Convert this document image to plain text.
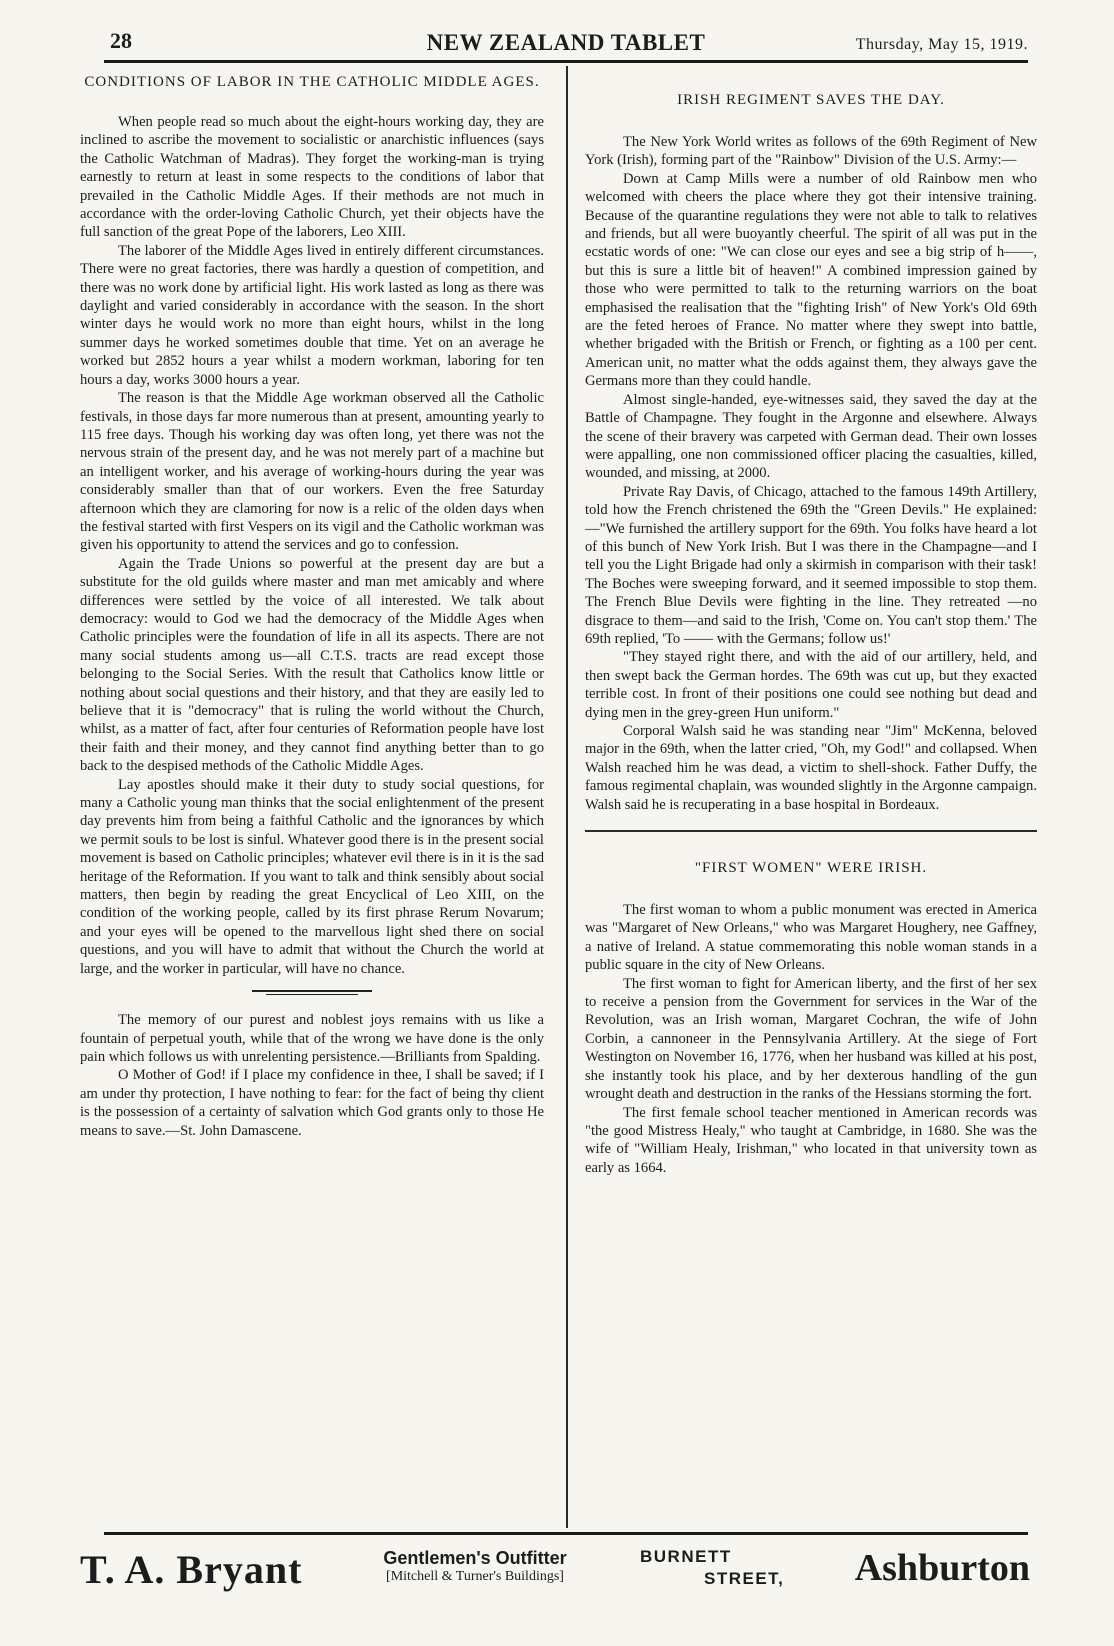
28	NEW ZEALAND TABLET	Thursday, May 15, 1919.
CONDITIONS OF LABOR IN THE CATHOLIC MIDDLE AGES.

When people read so much about the eight-hours working day, they are inclined to ascribe the movement to socialistic or anarchistic influences (says the Catholic Watchman of Madras). They forget the working-man is trying earnestly to return at least in some respects to the conditions of labor that prevailed in the Catholic Middle Ages. If their methods are not much in accordance with the order-loving Catholic Church, yet their objects have the full sanction of the great Pope of the laborers, Leo XIII.

The laborer of the Middle Ages lived in entirely different circumstances. There were no great factories, there was hardly a question of competition, and there was no work done by artificial light. His work lasted as long as there was daylight and varied considerably in accordance with the season. In the short winter days he would work no more than eight hours, whilst in the long summer days he worked sometimes double that time. Yet on an average he worked but 2852 hours a year whilst a modern workman, laboring for ten hours a day, works 3000 hours a year.

The reason is that the Middle Age workman observed all the Catholic festivals, in those days far more numerous than at present, amounting yearly to 115 free days. Though his working day was often long, yet there was not the nervous strain of the present day, and he was not merely part of a machine but an intelligent worker, and his average of working-hours during the year was considerably smaller than that of our workers. Even the free Saturday afternoon which they are clamoring for now is a relic of the olden days when the festival started with first Vespers on its vigil and the Catholic workman was given his opportunity to attend the services and go to confession.

Again the Trade Unions so powerful at the present day are but a substitute for the old guilds where master and man met amicably and where differences were settled by the voice of all interested. We talk about democracy: would to God we had the democracy of the Middle Ages when Catholic principles were the foundation of life in all its aspects. There are not many social students among us—all C.T.S. tracts are read except those belonging to the Social Series. With the result that Catholics know little or nothing about social questions and their history, and that they are easily led to believe that it is "democracy" that is ruling the world without the Church, whilst, as a matter of fact, after four centuries of Reformation people have lost their faith and their money, and they cannot find anything better than to go back to the despised methods of the Catholic Middle Ages.

Lay apostles should make it their duty to study social questions, for many a Catholic young man thinks that the social enlightenment of the present day prevents him from being a faithful Catholic and the ignorances by which we permit souls to be lost is sinful. Whatever good there is in the present social movement is based on Catholic principles; whatever evil there is in it is the sad heritage of the Reformation. If you want to talk and think sensibly about social matters, then begin by reading the great Encyclical of Leo XIII, on the condition of the working people, called by its first phrase Rerum Novarum; and your eyes will be opened to the marvellous light shed there on social questions, and you will have to admit that without the Church the world at large, and the worker in particular, will have no chance.

The memory of our purest and noblest joys remains with us like a fountain of perpetual youth, while that of the wrong we have done is the only pain which follows us with unrelenting persistence.—Brilliants from Spalding.

O Mother of God! if I place my confidence in thee, I shall be saved; if I am under thy protection, I have nothing to fear: for the fact of being thy client is the possession of a certainty of salvation which God grants only to those He means to save.—St. John Damascene.

IRISH REGIMENT SAVES THE DAY.

The New York World writes as follows of the 69th Regiment of New York (Irish), forming part of the "Rainbow" Division of the U.S. Army:—

Down at Camp Mills were a number of old Rainbow men who welcomed with cheers the place where they got their intensive training. Because of the quarantine regulations they were not able to talk to relatives and friends, but all were buoyantly cheerful. The spirit of all was put in the ecstatic words of one: "We can close our eyes and see a big strip of h——, but this is sure a little bit of heaven!" A combined impression gained by those who were permitted to talk to the returning warriors on the boat emphasised the realisation that the "fighting Irish" of New York's Old 69th are the feted heroes of France. No matter where they swept into battle, whether brigaded with the British or French, or fighting as a 100 per cent. American unit, no matter what the odds against them, they always gave the Germans more than they could handle.

Almost single-handed, eye-witnesses said, they saved the day at the Battle of Champagne. They fought in the Argonne and elsewhere. Always the scene of their bravery was carpeted with German dead. Their own losses were appalling, one non commissioned officer placing the casualties, killed, wounded, and missing, at 2000.

Private Ray Davis, of Chicago, attached to the famous 149th Artillery, told how the French christened the 69th the "Green Devils." He explained:—"We furnished the artillery support for the 69th. You folks have heard a lot of this bunch of New York Irish. But I was there in the Champagne—and I tell you the Light Brigade had only a skirmish in comparison with their task! The Boches were sweeping forward, and it seemed impossible to stop them. The French Blue Devils were fighting in the line. They retreated —no disgrace to them—and said to the Irish, 'Come on. You can't stop them.' The 69th replied, 'To —— with the Germans; follow us!'

"They stayed right there, and with the aid of our artillery, held, and then swept back the German hordes. The 69th was cut up, but they exacted terrible cost. In front of their positions one could see nothing but dead and dying men in the grey-green Hun uniform."

Corporal Walsh said he was standing near "Jim" McKenna, beloved major in the 69th, when the latter cried, "Oh, my God!" and collapsed. When Walsh reached him he was dead, a victim to shell-shock. Father Duffy, the famous regimental chaplain, was wounded slightly in the Argonne campaign. Walsh said he is recuperating in a base hospital in Bordeaux.

"FIRST WOMEN" WERE IRISH.

The first woman to whom a public monument was erected in America was "Margaret of New Orleans," who was Margaret Houghery, nee Gaffney, a native of Ireland. A statue commemorating this noble woman stands in a public square in the city of New Orleans.

The first woman to fight for American liberty, and the first of her sex to receive a pension from the Government for services in the War of the Revolution, was an Irish woman, Margaret Cochran, the wife of John Corbin, a cannoneer in the Pennsylvania Artillery. At the siege of Fort Westington on November 16, 1776, when her husband was killed at his post, she instantly took his place, and by her dexterous handling of the gun wrought death and destruction in the ranks of the Hessians storming the fort.

The first female school teacher mentioned in American records was "the good Mistress Healy," who taught at Cambridge, in 1680. She was the wife of "William Healy, Irishman," who located in that university town as early as 1664.

T. A. Bryant	Gentlemen's Outfitter
[Mitchell & Turner's Buildings]
BURNETT
STREET, Ashburton
